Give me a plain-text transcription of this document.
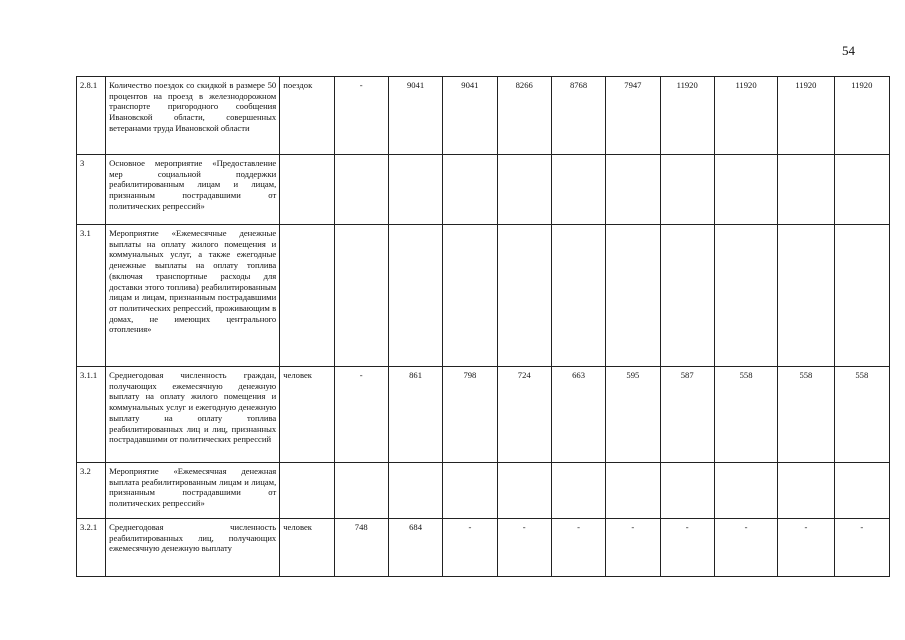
54
2.8.1	Количество поездок со скидкой в размере 50 процентов на проезд в железнодорожном транспорте пригородного сообщения Ивановской области, совершенных ветеранами труда Ивановской области	поездок	-	9041	9041	8266	8768	7947	11920	11920	11920	11920
3	Основное мероприятие «Предоставление мер социальной поддержки реабилитированным лицам и лицам, признанным пострадавшими от политических репрессий»											
3.1	Мероприятие «Ежемесячные денежные выплаты на оплату жилого помещения и коммунальных услуг, а также ежегодные денежные выплаты на оплату топлива (включая транспортные расходы для доставки этого топлива) реабилитированным лицам и лицам, признанным пострадавшими от политических репрессий, проживающим в домах, не имеющих центрального отопления»											
3.1.1	Среднегодовая численность граждан, получающих ежемесячную денежную выплату на оплату жилого помещения и коммунальных услуг и ежегодную денежную выплату на оплату топлива реабилитированных лиц и лиц, признанных пострадавшими от политических репрессий	человек	-	861	798	724	663	595	587	558	558	558
3.2	Мероприятие «Ежемесячная денежная выплата реабилитированным лицам и лицам, признанным пострадавшими от политических репрессий»											
3.2.1	Среднегодовая численность реабилитированных лиц, получающих ежемесячную денежную выплату	человек	748	684	-	-	-	-	-	-	-	-
